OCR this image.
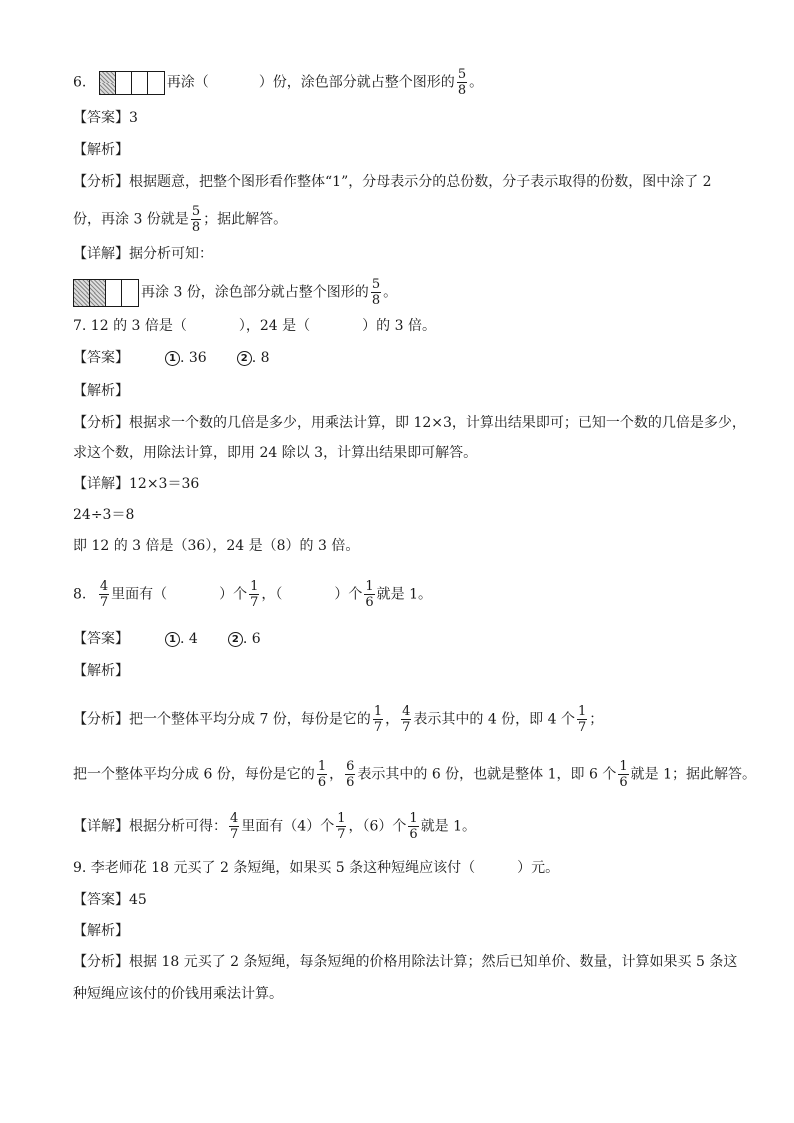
6.	再涂（	）份，涂色部分就占整个图形的 $\frac{5}{8}$ 。
【答案】3
【解析】
【分析】根据题意，把整个图形看作整体“1”，分母表示分的总份数，分子表示取得的份数，图中涂了 2
份，再涂 3 份就是 $\frac{5}{8}$ ；据此解答。
【详解】据分析可知：
再涂 3 份，涂色部分就占整个图形的 $\frac{5}{8}$ 。
7. 12 的 3 倍是（	），24 是（	）的 3 倍。
【答案】	1 . 36	2 . 8
【解析】
【分析】根据求一个数的几倍是多少，用乘法计算，即 12×3，计算出结果即可；已知一个数的几倍是多少，
求这个数，用除法计算，即用 24 除以 3，计算出结果即可解答。
【详解】12×3＝36
24÷3＝8
即 12 的 3 倍是（36），24 是（8）的 3 倍。
8. $\frac{4}{7}$ 里面有（	）个 $\frac{1}{7}$ ，（	）个 $\frac{1}{6}$ 就是 1。
【答案】	1 . 4	2 . 6
【解析】
【分析】把一个整体平均分成 7 份，每份是它的 $\frac{1}{7}$ ， $\frac{4}{7}$ 表示其中的 4 份，即 4 个 $\frac{1}{7}$ ；
把一个整体平均分成 6 份，每份是它的 $\frac{1}{6}$ ， $\frac{6}{6}$ 表示其中的 6 份，也就是整体 1，即 6 个 $\frac{1}{6}$ 就是 1；据此解答。
【详解】根据分析可得： $\frac{4}{7}$ 里面有（4）个 $\frac{1}{7}$ ，（6）个 $\frac{1}{6}$ 就是 1。
9. 李老师花 18 元买了 2 条短绳，如果买 5 条这种短绳应该付（	）元。
【答案】45
【解析】
【分析】根据 18 元买了 2 条短绳，每条短绳的价格用除法计算；然后已知单价、数量，计算如果买 5 条这
种短绳应该付的价钱用乘法计算。
